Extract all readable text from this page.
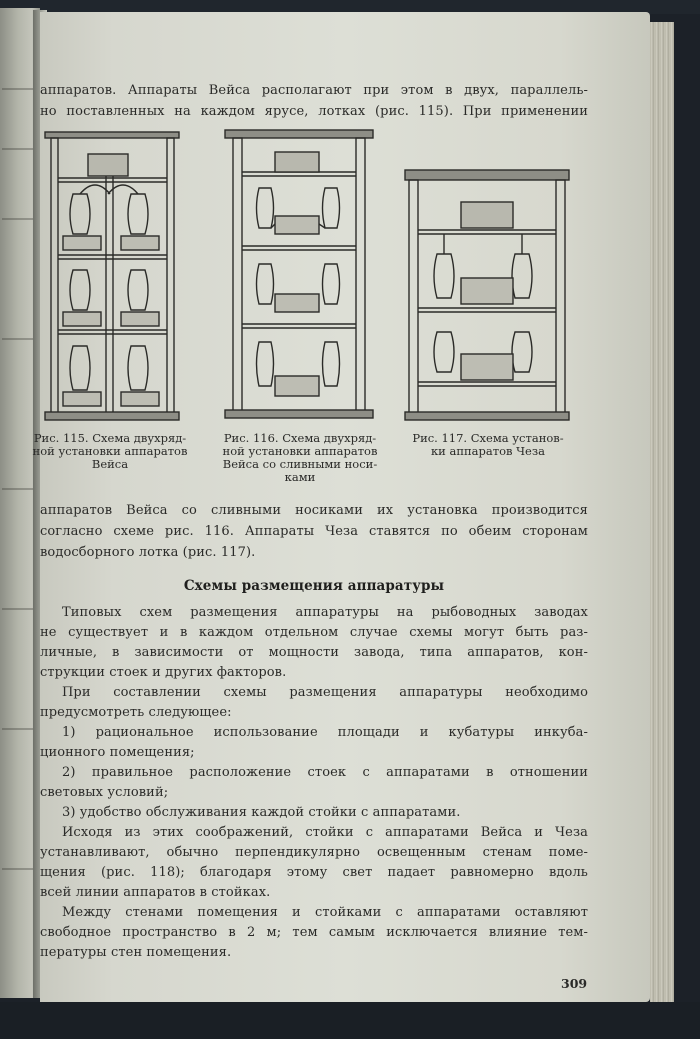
аппаратов. Аппараты Вейса располагают при этом в двух, параллель-

но поставленных на каждом ярусе, лотках (рис. 115). При применении

Рис. 115. Схема двухряд-
ной установки аппаратов
Вейса
Рис. 116. Схема двухряд-
ной установки аппаратов
Вейса со сливными носи-
ками
Рис. 117. Схема установ-
ки аппаратов Чеза

аппаратов Вейса со сливными носиками их установка производится

согласно схеме рис. 116. Аппараты Чеза ставятся по обеим сторонам

водосборного лотка (рис. 117).

Схемы размещения аппаратуры

Типовых схем размещения аппаратуры на рыбоводных заводах

не существует и в каждом отдельном случае схемы могут быть раз-

личные, в зависимости от мощности завода, типа аппаратов, кон-

струкции стоек и других факторов.

При составлении схемы размещения аппаратуры необходимо

предусмотреть следующее:

1) рациональное использование площади и кубатуры инкуба-

ционного помещения;

2) правильное расположение стоек с аппаратами в отношении

световых условий;

3) удобство обслуживания каждой стойки с аппаратами.

Исходя из этих соображений, стойки с аппаратами Вейса и Чеза

устанавливают, обычно перпендикулярно освещенным стенам поме-

щения (рис. 118); благодаря этому свет падает равномерно вдоль

всей линии аппаратов в стойках.

Между стенами помещения и стойками с аппаратами оставляют

свободное пространство в 2 м; тем самым исключается влияние тем-

пературы стен помещения.

309
